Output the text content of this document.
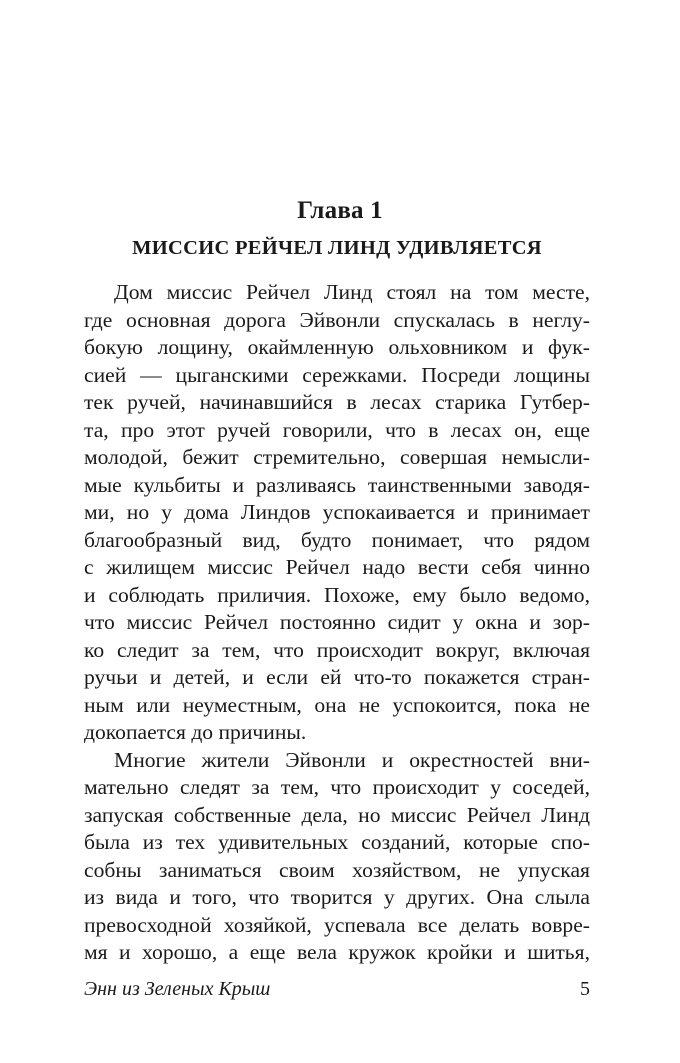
Глава 1
МИССИС РЕЙЧЕЛ ЛИНД УДИВЛЯЕТСЯ

Дом миссис Рейчел Линд стоял на том месте,
где основная дорога Эйвонли спускалась в неглу-
бокую лощину, окаймленную ольховником и фук-
сией — цыганскими сережками. Посреди лощины
тек ручей, начинавшийся в лесах старика Гутбер-
та, про этот ручей говорили, что в лесах он, еще
молодой, бежит стремительно, совершая немысли-
мые кульбиты и разливаясь таинственными заводя-
ми, но у дома Линдов успокаивается и принимает
благообразный вид, будто понимает, что рядом
с жилищем миссис Рейчел надо вести себя чинно
и соблюдать приличия. Похоже, ему было ведомо,
что миссис Рейчел постоянно сидит у окна и зор-
ко следит за тем, что происходит вокруг, включая
ручьи и детей, и если ей что-то покажется стран-
ным или неуместным, она не успокоится, пока не
докопается до причины.

Многие жители Эйвонли и окрестностей вни-
мательно следят за тем, что происходит у соседей,
запуская собственные дела, но миссис Рейчел Линд
была из тех удивительных созданий, которые спо-
собны заниматься своим хозяйством, не упуская
из вида и того, что творится у других. Она слыла
превосходной хозяйкой, успевала все делать вовре-
мя и хорошо, а еще вела кружок кройки и шитья,

Энн из Зеленых Крыш	5
